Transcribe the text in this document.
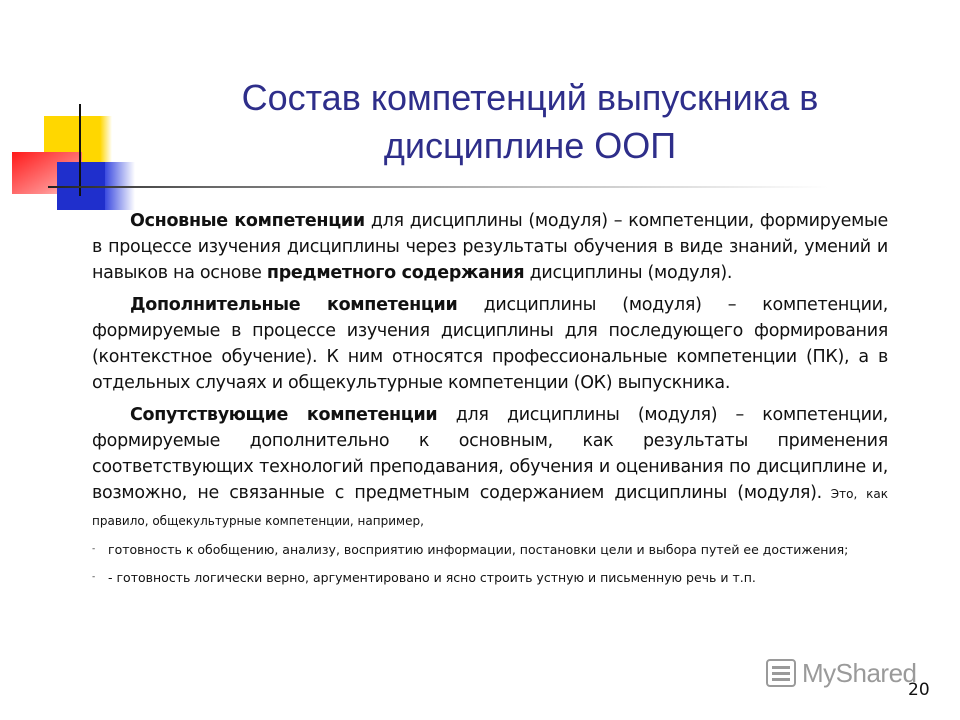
Состав компетенций выпускника в
дисциплине ООП

Основные компетенции для дисциплины (модуля) – компетенции, формируемые в процессе изучения дисциплины через результаты обучения в виде знаний, умений и навыков на основе предметного содержания дисциплины (модуля).

Дополнительные компетенции дисциплины (модуля) – компетенции, формируемые в процессе изучения дисциплины для последующего формирования (контекстное обучение). К ним относятся профессиональные компетенции (ПК), а в отдельных случаях и общекультурные компетенции (ОК) выпускника.

Сопутствующие компетенции для дисциплины (модуля) – компетенции, формируемые дополнительно к основным, как результаты применения соответствующих технологий преподавания, обучения и оценивания по дисциплине и, возможно, не связанные с предметным содержанием дисциплины (модуля). Это, как правило, общекультурные компетенции, например,

- готовность к обобщению, анализу, восприятию информации, постановки цели и выбора путей ее достижения;
- - готовность логически верно, аргументировано и ясно строить устную и письменную речь и т.п.
MyShared
20
